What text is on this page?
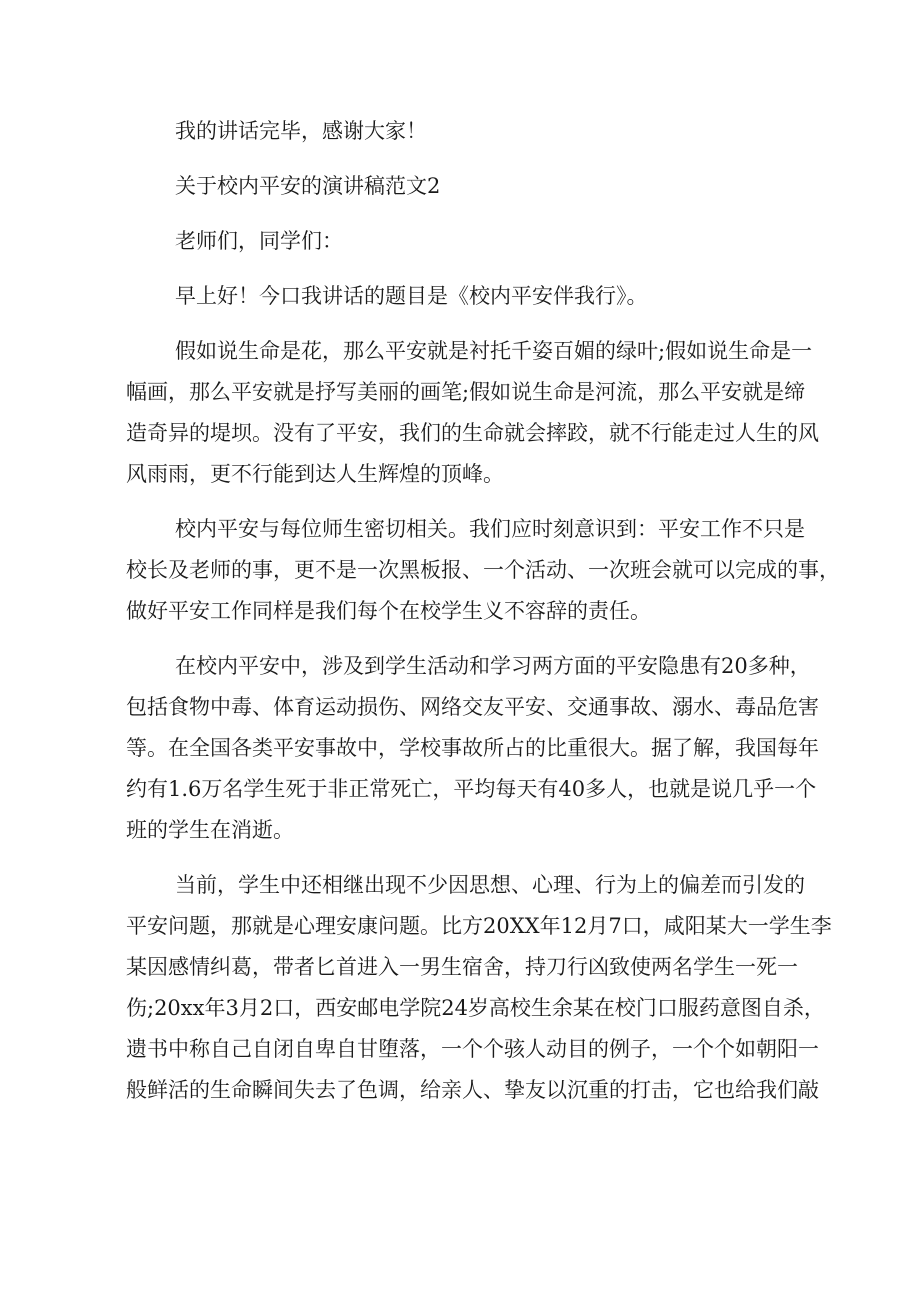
我的讲话完毕，感谢大家！

关于校内平安的演讲稿范文2

老师们，同学们：

早上好！今口我讲话的题目是《校内平安伴我行》。

假如说生命是花，那么平安就是衬托千姿百媚的绿叶;假如说生命是一
幅画，那么平安就是抒写美丽的画笔;假如说生命是河流，那么平安就是缔
造奇异的堤坝。没有了平安，我们的生命就会摔跤，就不行能走过人生的风
风雨雨，更不行能到达人生辉煌的顶峰。
校内平安与每位师生密切相关。我们应时刻意识到：平安工作不只是
校长及老师的事，更不是一次黑板报、一个活动、一次班会就可以完成的事，
做好平安工作同样是我们每个在校学生义不容辞的责任。
在校内平安中，涉及到学生活动和学习两方面的平安隐患有20多种，
包括食物中毒、体育运动损伤、网络交友平安、交通事故、溺水、毒品危害
等。在全国各类平安事故中，学校事故所占的比重很大。据了解，我国每年
约有1.6万名学生死于非正常死亡，平均每天有40多人，也就是说几乎一个
班的学生在消逝。
当前，学生中还相继出现不少因思想、心理、行为上的偏差而引发的
平安问题，那就是心理安康问题。比方20XX年12月7口，咸阳某大一学生李
某因感情纠葛，带者匕首进入一男生宿舍，持刀行凶致使两名学生一死一
伤;20xx年3月2口，西安邮电学院24岁高校生余某在校门口服药意图自杀，
遗书中称自己自闭自卑自甘堕落，一个个骇人动目的例子，一个个如朝阳一
般鲜活的生命瞬间失去了色调，给亲人、挚友以沉重的打击，它也给我们敲
